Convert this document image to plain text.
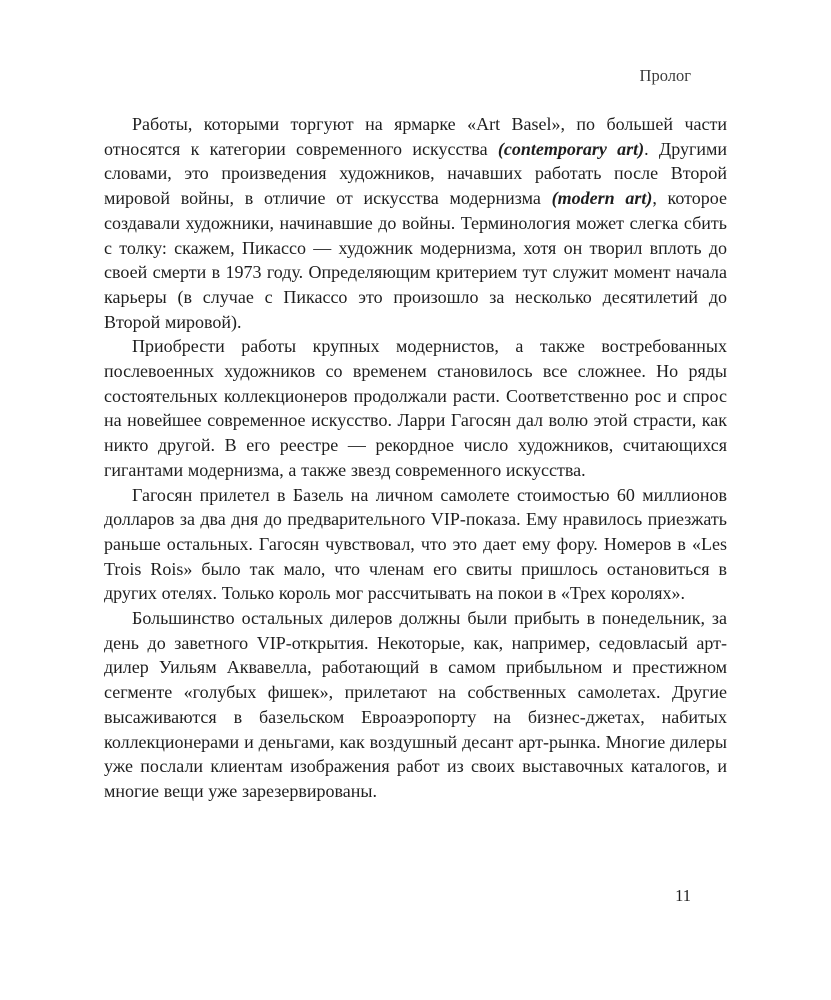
Пролог

Работы, которыми торгуют на ярмарке «Art Basel», по большей части относятся к категории современного искусства (contemporary art). Другими словами, это произведения художников, начавших работать после Второй мировой войны, в отличие от искусства модернизма (modern art), которое создавали художники, начинавшие до войны. Терминология может слегка сбить с толку: скажем, Пикассо — художник модернизма, хотя он творил вплоть до своей смерти в 1973 году. Определяющим критерием тут служит момент начала карьеры (в случае с Пикассо это произошло за несколько десятилетий до Второй мировой).

Приобрести работы крупных модернистов, а также востребованных послевоенных художников со временем становилось все сложнее. Но ряды состоятельных коллекционеров продолжали расти. Соответственно рос и спрос на новейшее современное искусство. Ларри Гагосян дал волю этой страсти, как никто другой. В его реестре — рекордное число художников, считающихся гигантами модернизма, а также звезд современного искусства.

Гагосян прилетел в Базель на личном самолете стоимостью 60 миллионов долларов за два дня до предварительного VIP-показа. Ему нравилось приезжать раньше остальных. Гагосян чувствовал, что это дает ему фору. Номеров в «Les Trois Rois» было так мало, что членам его свиты пришлось остановиться в других отелях. Только король мог рассчитывать на покои в «Трех королях».

Большинство остальных дилеров должны были прибыть в понедельник, за день до заветного VIP-открытия. Некоторые, как, например, седовласый арт-дилер Уильям Аквавелла, работающий в самом прибыльном и престижном сегменте «голубых фишек», прилетают на собственных самолетах. Другие высаживаются в базельском Евроаэропорту на бизнес-джетах, набитых коллекционерами и деньгами, как воздушный десант арт-рынка. Многие дилеры уже послали клиентам изображения работ из своих выставочных каталогов, и многие вещи уже зарезервированы.

11
